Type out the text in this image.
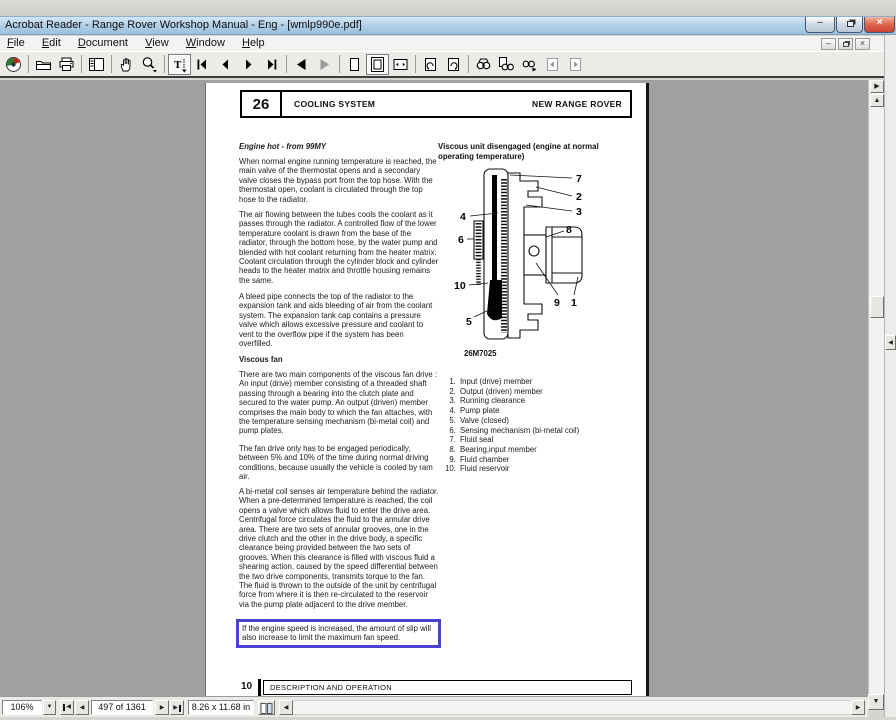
Acrobat Reader - Range Rover Workshop Manual - Eng - [wmlp990e.pdf]	–	×
File Edit Document View Window Help	–	×
T
26	COOLING SYSTEM	NEW RANGE ROVER
Engine hot - from 99MY
When normal engine running temperature is reached, the main valve of the thermostat opens and a secondary valve closes the bypass port from the top hose. With the thermostat open, coolant is circulated through the top hose to the radiator.
The air flowing between the tubes cools the coolant as it passes through the radiator. A controlled flow of the lower temperature coolant is drawn from the base of the radiator, through the bottom hose, by the water pump and blended with hot coolant returning from the heater matrix. Coolant circulation through the cylinder block and cylinder heads to the heater matrix and throttle housing remains the same.
A bleed pipe connects the top of the radiator to the expansion tank and aids bleeding of air from the coolant system. The expansion tank cap contains a pressure valve which allows excessive pressure and coolant to vent to the overflow pipe if the system has been overfilled.
Viscous fan
There are two main components of the viscous fan drive : An input (drive) member consisting of a threaded shaft passing through a bearing into the clutch plate and secured to the water pump. An output (driven) member comprises the main body to which the fan attaches, with the temperature sensing mechanism (bi-metal coil) and pump plates.
The fan drive only has to be engaged periodically, between 5% and 10% of the time during normal driving conditions, because usually the vehicle is cooled by ram air.
A bi-metal coil senses air temperature behind the radiator. When a pre-determined temperature is reached, the coil opens a valve which allows fluid to enter the drive area. Centrifugal force circulates the fluid to the annular drive area. There are two sets of annular grooves, one in the drive clutch and the other in the drive body, a specific clearance being provided between the two sets of grooves. When this clearance is filled with viscous fluid a shearing action, caused by the speed differential between the two drive components, transmits torque to the fan. The fluid is thrown to the outside of the unit by centrifugal force from where it is then re-circulated to the reservoir via the pump plate adjacent to the drive member.
If the engine speed is increased, the amount of slip will also increase to limit the maximum fan speed.
Viscous unit disengaged (engine at normal operating temperature)
7
2
3
4
8
6
10
9 1
5
26M7025
1. Input (drive) member
2. Output (driven) member
3. Running clearance
4. Pump plate
5. Valve (closed)
6. Sensing mechanism (bi-metal coil)
7. Fluid seal
8. Bearing,input member
9. Fluid chamber
10. Fluid reservoir
10	DESCRIPTION AND OPERATION
▶
▲
▼
◀
106%	▼	◀	◀	497 of 1361	▶	▶	8.26 x 11.68 in	◀	▶
